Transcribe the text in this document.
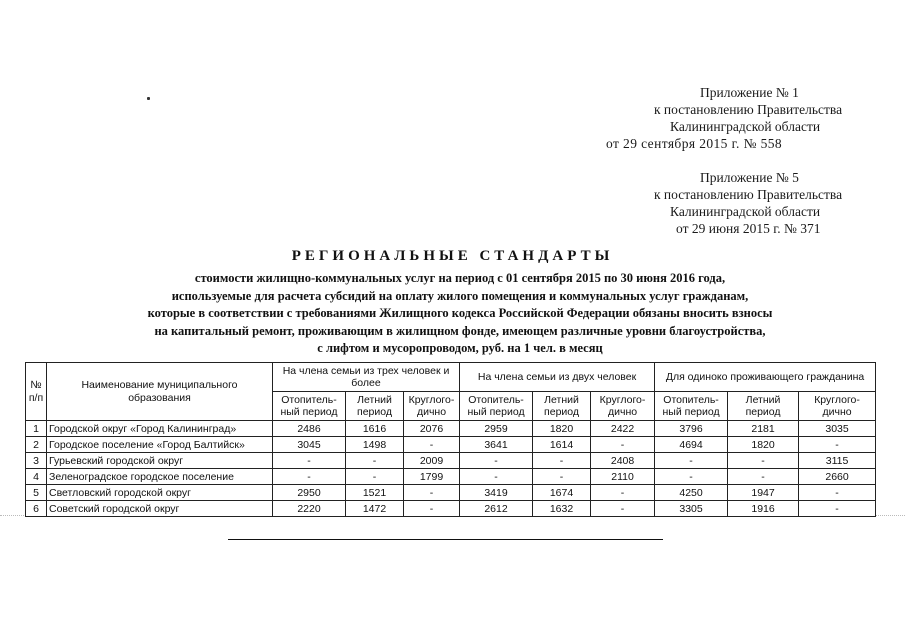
Приложение № 1
к постановлению Правительства
Калининградской области
от 29 сентября 2015 г. № 558
Приложение № 5
к постановлению Правительства
Калининградской области
от 29 июня 2015 г. № 371
РЕГИОНАЛЬНЫЕ СТАНДАРТЫ
стоимости жилищно-коммунальных услуг на период с 01 сентября 2015 по 30 июня 2016 года,
используемые для расчета субсидий на оплату жилого помещения и коммунальных услуг гражданам,
которые в соответствии с требованиями Жилищного кодекса Российской Федерации обязаны вносить взносы
на капитальный ремонт, проживающим в жилищном фонде, имеющем различные уровни благоустройства,
с лифтом и мусоропроводом, руб. на 1 чел. в месяц
№ п/п	Наименование муниципального образования	На члена семьи из трех человек и более			На члена семьи из двух человек			Для одиноко проживающего гражданина		
		Отопитель-ный период	Летний период	Круглого-дично	Отопитель-ный период	Летний период	Круглого-дично	Отопитель-ный период	Летний период	Круглого-дично
1	Городской округ «Город Калининград»	2486	1616	2076	2959	1820	2422	3796	2181	3035
2	Городское поселение «Город Балтийск»	3045	1498	-	3641	1614	-	4694	1820	-
3	Гурьевский городской округ	-	-	2009	-	-	2408	-	-	3115
4	Зеленоградское городское поселение	-	-	1799	-	-	2110	-	-	2660
5	Светловский городской округ	2950	1521	-	3419	1674	-	4250	1947	-
6	Советский городской округ	2220	1472	-	2612	1632	-	3305	1916	-
